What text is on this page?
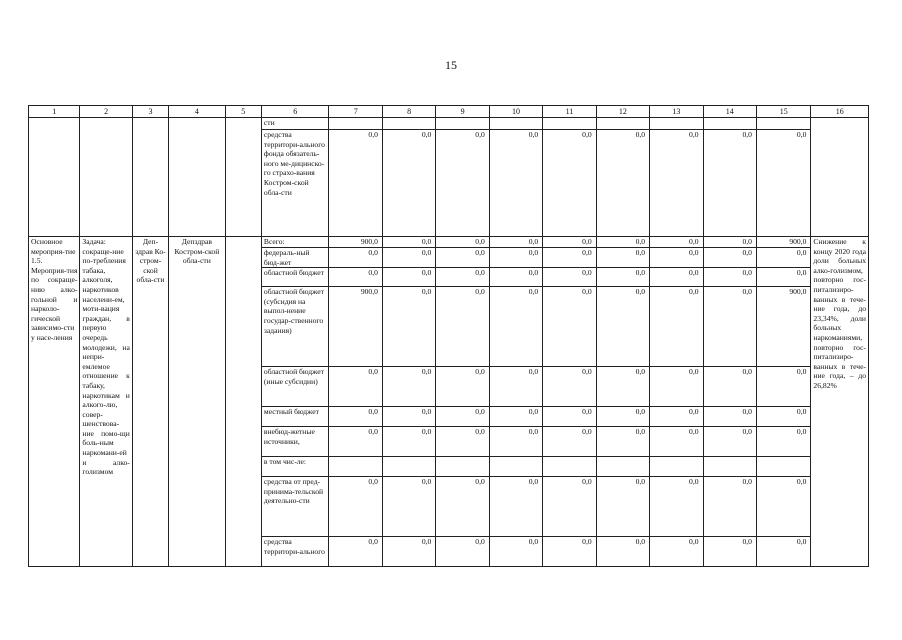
15
1	2	3	4	5	6	7	8	9	10	11	12	13	14	15	16
					сти										
					средства территори-ального фонда обязатель-ного ме-дицинско-го страхо-вания Костром-ской обла-сти	0,0	0,0	0,0	0,0	0,0	0,0	0,0	0,0	0,0	
Основное мероприя-тие 1.5. Мероприя-тия по сокраще-нию алко-гольной и нарколо-гической зависимо-сти у насе-ления	Задача: сокраще-ние по-требления табака, алкоголя, наркотиков населени-ем, моти-вация граждан, в первую очередь молодежи, на непри-емлемое отношение к табаку, наркотикам и алкого-лю, совер-шенствова-ние помо-щи боль-ным наркомани-ей и алко-голизмом	Деп-здрав Ко-стром-ской обла-сти	Депздрав Костром-ской обла-сти		Всего:	900,0	0,0	0,0	0,0	0,0	0,0	0,0	0,0	900,0	Снижение к концу 2020 года доли больных алко-голизмом, повторно гос-питализиро-ванных в тече-ние года, до 23,34%, доли больных наркоманиями, повторно гос-питализиро-ванных в тече-ние года, – до 26,82%
					федераль-ный бюд-жет	0,0	0,0	0,0	0,0	0,0	0,0	0,0	0,0	0,0	
					областной бюджет	0,0	0,0	0,0	0,0	0,0	0,0	0,0	0,0	0,0	
					областной бюджет (субсидия на выпол-нение государ-ственного задания)	900,0	0,0	0,0	0,0	0,0	0,0	0,0	0,0	900,0	
					областной бюджет (иные субсидии)	0,0	0,0	0,0	0,0	0,0	0,0	0,0	0,0	0,0	
					местный бюджет	0,0	0,0	0,0	0,0	0,0	0,0	0,0	0,0	0,0	
					внебюд-жетные источники,	0,0	0,0	0,0	0,0	0,0	0,0	0,0	0,0	0,0	
					в том чис-ле:										
					средства от пред-принима-тельской деятельно-сти	0,0	0,0	0,0	0,0	0,0	0,0	0,0	0,0	0,0	
					средства территори-ального	0,0	0,0	0,0	0,0	0,0	0,0	0,0	0,0	0,0	
